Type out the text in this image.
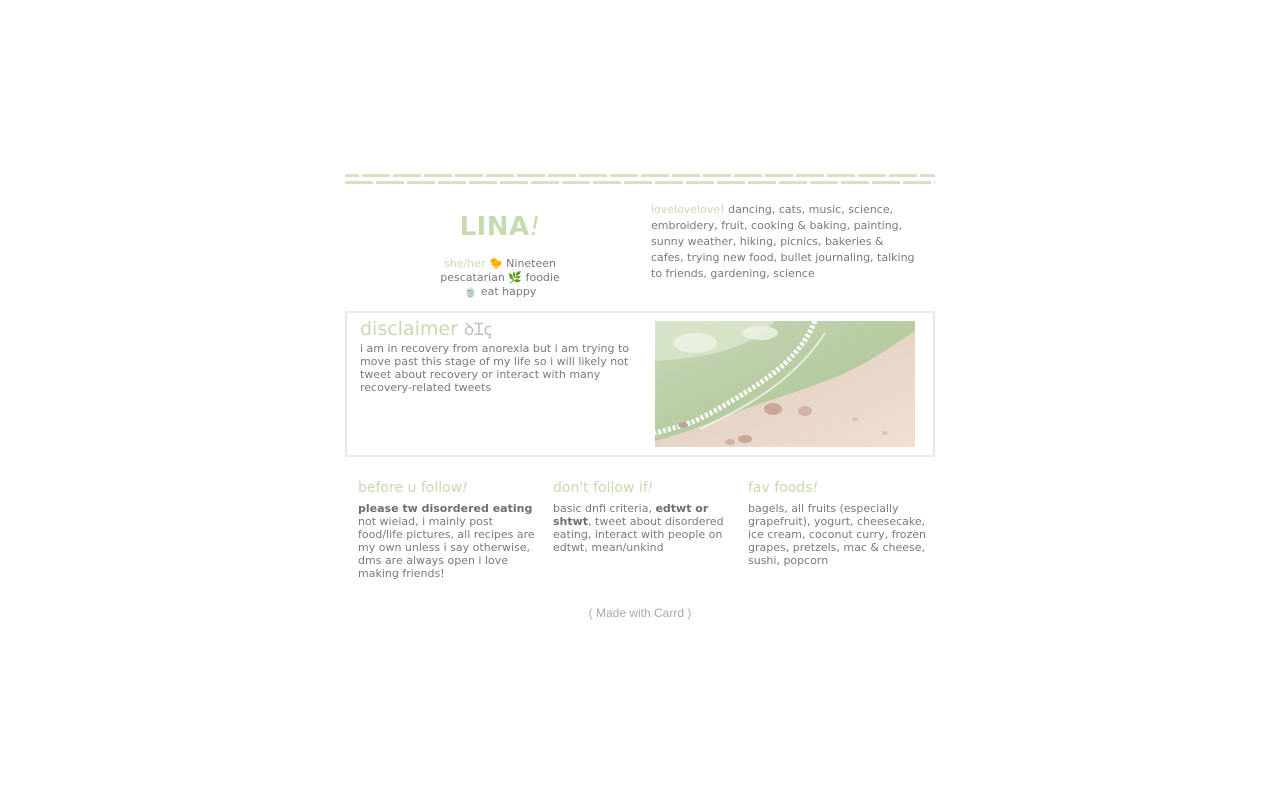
LINA!
she/her 🐤 Nineteen
pescatarian 🌿 foodie
🍵 eat happy
lovelovelove! dancing, cats, music, science, embroidery, fruit, cooking & baking, painting, sunny weather, hiking, picnics, bakeries & cafes, trying new food, bullet journaling, talking to friends, gardening, science
disclaimer ꝺꞮꞔ
i am in recovery from anorexia but i am trying to move past this stage of my life so i will likely not tweet about recovery or interact with many recovery-related tweets
before u follow!
please tw disordered eating not wieiad, i mainly post food/life pictures, all recipes are my own unless i say otherwise, dms are always open i love making friends!
don't follow if!
basic dnfi criteria, edtwt or shtwt, tweet about disordered eating, interact with people on edtwt, mean/unkind
fav foods!
bagels, all fruits (especially grapefruit), yogurt, cheesecake, ice cream, coconut curry, frozen grapes, pretzels, mac & cheese, sushi, popcorn
( Made with Carrd )
